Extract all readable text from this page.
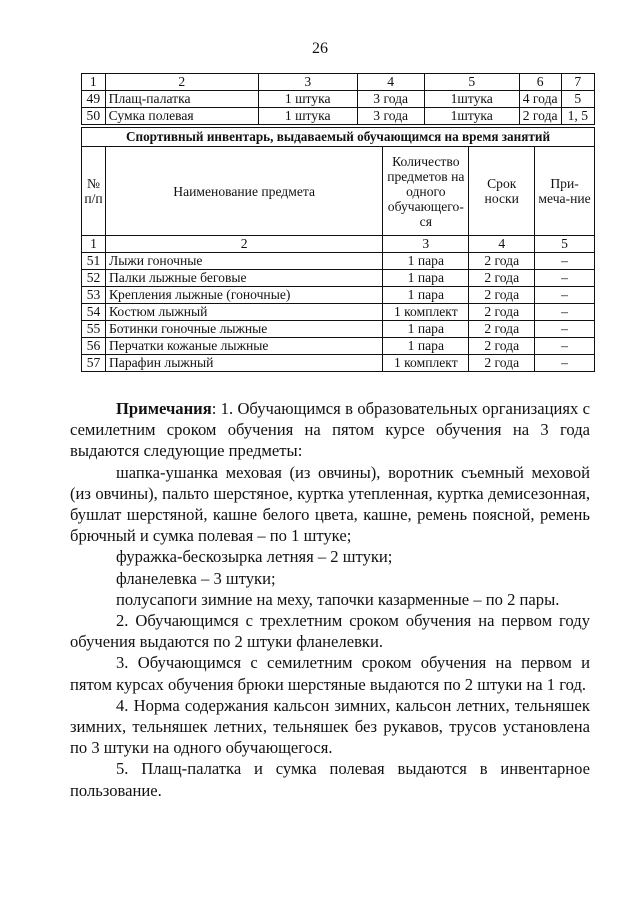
26
1	2	3	4	5	6	7
49	Плащ-палатка	1 штука	3 года	1штука	4 года	5
50	Сумка полевая	1 штука	3 года	1штука	2 года	1, 5
Спортивный инвентарь, выдаваемый обучающимся на время занятий				
№ п/п	Наименование предмета	Количество предметов на одного обучающего-ся	Срок носки	При-меча-ние
1	2	3	4	5
51	Лыжи гоночные	1 пара	2 года	–
52	Палки лыжные беговые	1 пара	2 года	–
53	Крепления лыжные (гоночные)	1 пара	2 года	–
54	Костюм лыжный	1 комплект	2 года	–
55	Ботинки гоночные лыжные	1 пара	2 года	–
56	Перчатки кожаные лыжные	1 пара	2 года	–
57	Парафин лыжный	1 комплект	2 года	–

Примечания: 1. Обучающимся в образовательных организациях с семилетним сроком обучения на пятом курсе обучения на 3 года выдаются следующие предметы:

шапка-ушанка меховая (из овчины), воротник съемный меховой (из овчины), пальто шерстяное, куртка утепленная, куртка демисезонная, бушлат шерстяной, кашне белого цвета, кашне, ремень поясной, ремень брючный и сумка полевая – по 1 штуке;

фуражка-бескозырка летняя – 2 штуки;

фланелевка – 3 штуки;

полусапоги зимние на меху, тапочки казарменные – по 2 пары.

2. Обучающимся с трехлетним сроком обучения на первом году обучения выдаются по 2 штуки фланелевки.

3. Обучающимся с семилетним сроком обучения на первом и пятом курсах обучения брюки шерстяные выдаются по 2 штуки на 1 год.

4. Норма содержания кальсон зимних, кальсон летних, тельняшек зимних, тельняшек летних, тельняшек без рукавов, трусов установлена по 3 штуки на одного обучающегося.

5. Плащ-палатка и сумка полевая выдаются в инвентарное пользование.
